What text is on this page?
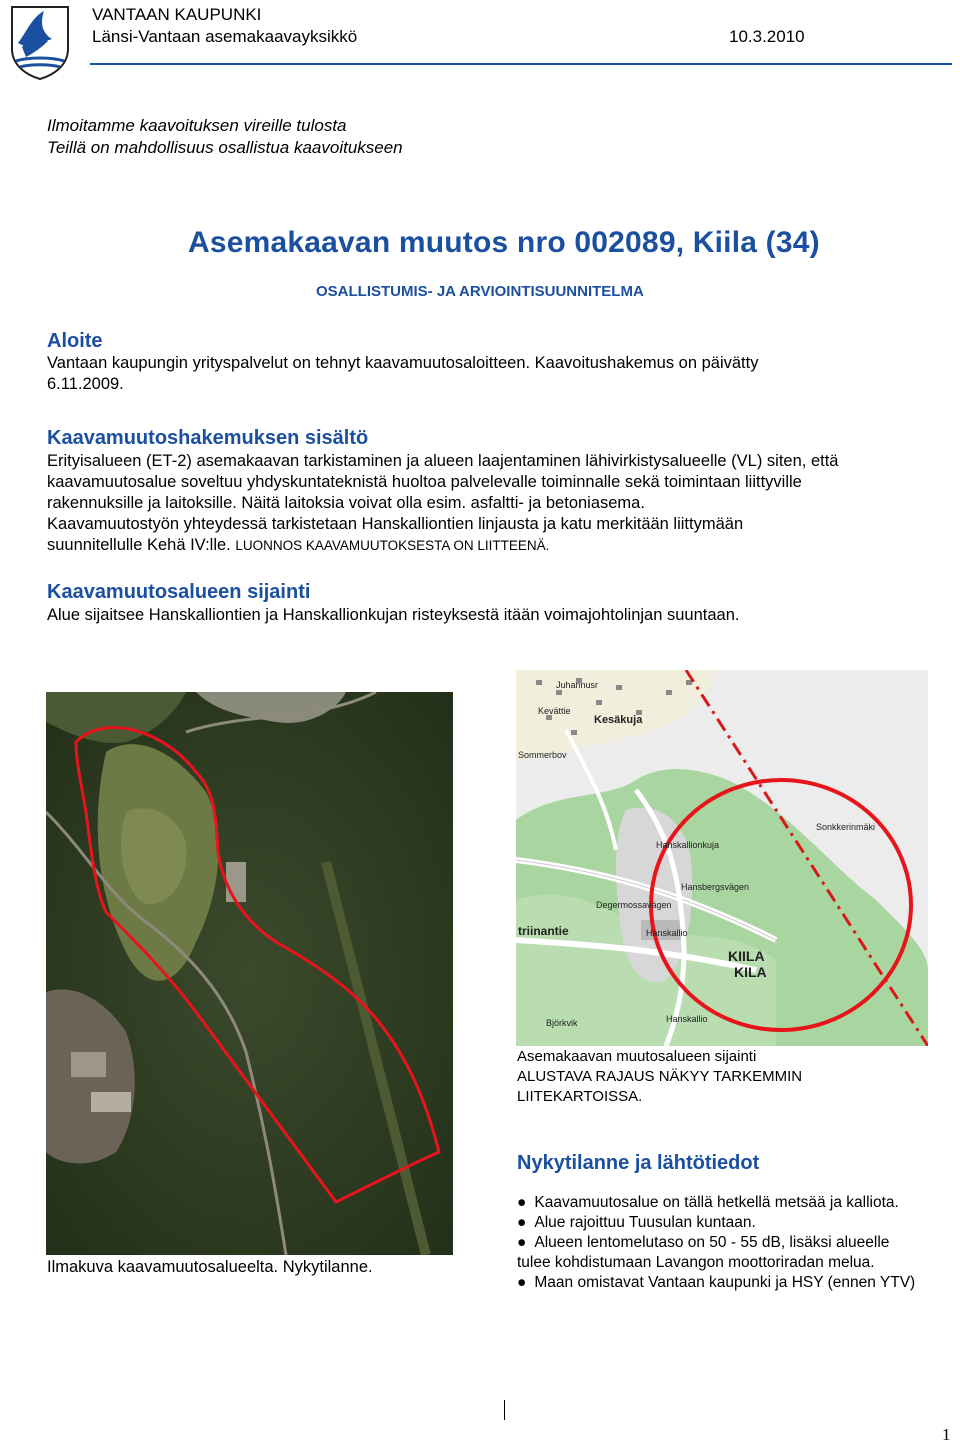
VANTAAN KAUPUNKI
Länsi-Vantaan asemakaavayksikkö	10.3.2010
Ilmoitamme kaavoituksen vireille tulosta
Teillä on mahdollisuus osallistua kaavoitukseen
Asemakaavan muutos nro 002089, Kiila (34)
OSALLISTUMIS- JA ARVIOINTISUUNNITELMA
Aloite
Vantaan kaupungin yrityspalvelut on tehnyt kaavamuutosaloitteen. Kaavoitushakemus on päivätty
6.11.2009.
Kaavamuutoshakemuksen sisältö
Erityisalueen (ET-2) asemakaavan tarkistaminen ja alueen laajentaminen lähivirkistysalueelle (VL) siten, että
kaavamuutosalue soveltuu yhdyskuntateknistä huoltoa palvelevalle toiminnalle sekä toimintaan liittyville
rakennuksille ja laitoksille. Näitä laitoksia voivat olla esim. asfaltti- ja betoniasema.
Kaavamuutostyön yhteydessä tarkistetaan Hanskalliontien linjausta ja katu merkitään liittymään
suunnitellulle Kehä IV:lle. LUONNOS KAAVAMUUTOKSESTA ON LIITTEENÄ.
Kaavamuutosalueen sijainti
Alue sijaitsee Hanskalliontien ja Hanskallionkujan risteyksestä itään voimajohtolinjan suuntaan.
Ilmakuva kaavamuutosalueelta. Nykytilanne.
Juhannusr
Kevättie
Kesäkuja
Sommerbov
Hanskallionkuja
Hansbergsvägen
Degermossavägen
Hanskallio
triinantie
Sonkkerinmäki
KIILA
KILA
Hanskallio
Björkvik
Asemakaavan muutosalueen sijainti
ALUSTAVA RAJAUS NÄKYY TARKEMMIN
LIITEKARTOISSA.
Nykytilanne ja lähtötiedot
● Kaavamuutosalue on tällä hetkellä metsää ja kalliota.
● Alue rajoittuu Tuusulan kuntaan.
● Alueen lentomelutaso on 50 - 55 dB, lisäksi alueelle
tulee kohdistumaan Lavangon moottoriradan melua.
● Maan omistavat Vantaan kaupunki ja HSY (ennen YTV)
1
